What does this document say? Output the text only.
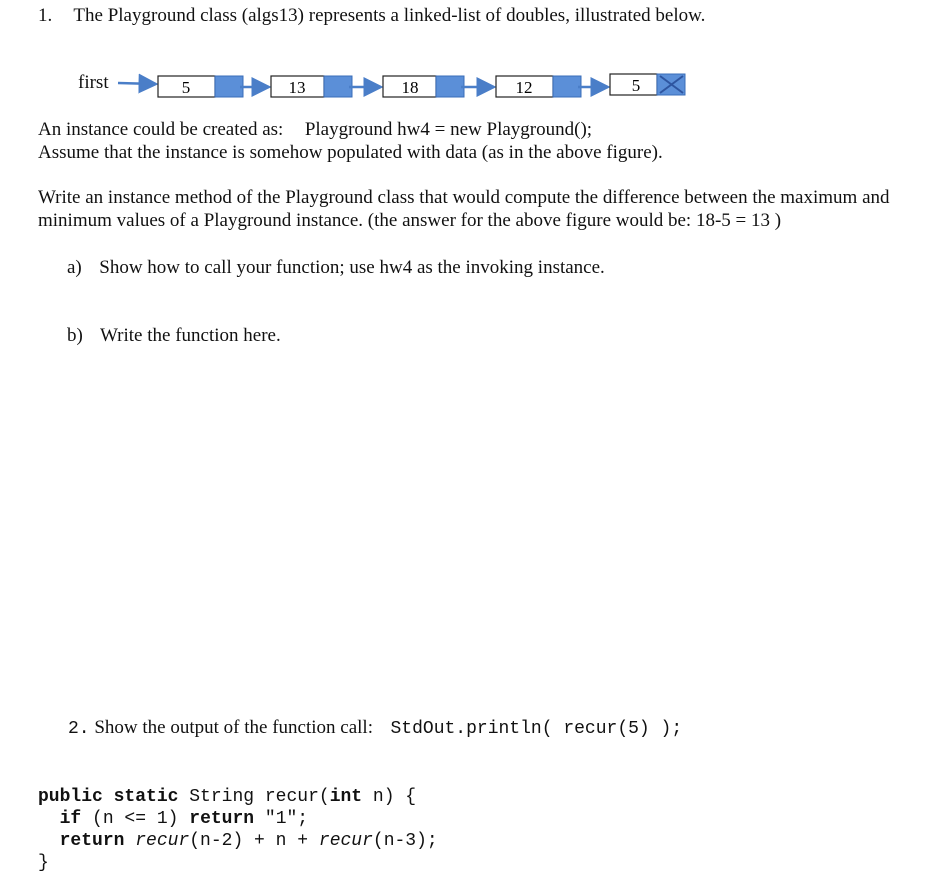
1. The Playground class (algs13) represents a linked-list of doubles, illustrated below.
first	5	13	18	12	5
An instance could be created as: Playground hw4 = new Playground();
Assume that the instance is somehow populated with data (as in the above figure).
Write an instance method of the Playground class that would compute the difference between the maximum and
minimum values of a Playground instance. (the answer for the above figure would be: 18-5 = 13 )
a) Show how to call your function; use hw4 as the invoking instance.
b) Write the function here.
2. Show the output of the function call: StdOut.println( recur(5) );
public static String recur(int n) {
if (n <= 1) return "1";
return recur(n-2) + n + recur(n-3);
}
